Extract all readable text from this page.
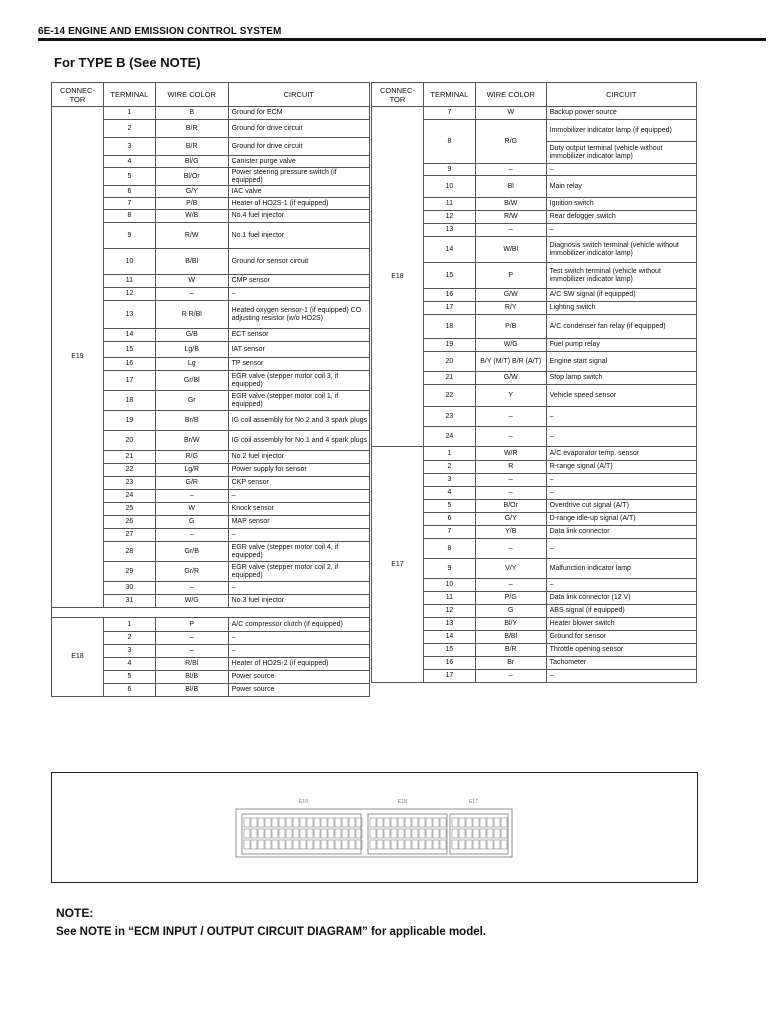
6E-14 ENGINE AND EMISSION CONTROL SYSTEM
For TYPE B (See NOTE)
CONNEC-TOR	TERMINAL	WIRE COLOR	CIRCUIT
E19	1	B	Ground for ECM
	2	B/R	Ground for drive circuit
	3	B/R	Ground for drive circuit
	4	Bl/G	Canister purge valve
	5	Bl/Or	Power steering pressure switch (if equipped)
	6	G/Y	IAC valve
	7	P/B	Heater of HO2S-1 (if equipped)
	8	W/B	No.4 fuel injector
	9	R/W	No.1 fuel injector
	10	B/Bl	Ground for sensor circuit
	11	W	CMP sensor
	12	–	–
	13	R R/Bl	Heated oxygen sensor-1 (if equipped) CO adjusting resistor (w/o HO2S)
	14	G/B	ECT sensor
	15	Lg/B	IAT sensor
	16	Lg	TP sensor
	17	Gr/Bl	EGR valve (stepper motor coil 3, if equipped)
	18	Gr	EGR valve (stepper motor coil 1, if equipped)
	19	Br/B	IG coil assembly for No.2 and 3 spark plugs
	20	Br/W	IG coil assembly for No.1 and 4 spark plugs
	21	R/G	No.2 fuel injector
	22	Lg/R	Power supply for sensor
	23	G/R	CKP sensor
	24	–	–
	25	W	Knock sensor
	26	G	MAP sensor
	27	–	–
	28	Gr/B	EGR valve (stepper motor coil 4, if equipped)
	29	Gr/R	EGR valve (stepper motor coil 2, if equipped)
	30	–	–
	31	W/G	No.3 fuel injector

E18	1	P	A/C compressor clutch (if equipped)
	2	–	–
	3	–	–
	4	R/Bl	Heater of HO2S-2 (if equipped)
	5	Bl/B	Power source
	6	Bl/B	Power source
CONNEC-TOR	TERMINAL	WIRE COLOR	CIRCUIT
E18	7	W	Backup power source
	8	R/G	Immobilizer indicator lamp (if equipped)
			Duty output terminal (vehicle without immobilizer indicator lamp)
	9	–	–
	10	Bl	Main relay
	11	B/W	Ignition switch
	12	R/W	Rear defogger switch
	13	–	–
	14	W/Bl	Diagnosis switch terminal (vehicle without immobilizer indicator lamp)
	15	P	Test switch terminal (vehicle without immobilizer indicator lamp)
	16	G/W	A/C SW signal (if equipped)
	17	R/Y	Lighting switch
	18	P/B	A/C condenser fan relay (if equipped)
	19	W/G	Fuel pump relay
	20	B/Y (M/T) B/R (A/T)	Engine start signal
	21	G/W	Stop lamp switch
	22	Y	Vehicle speed sensor
	23	–	–
	24	–	–
E17	1	W/R	A/C evaporator temp. sensor
	2	R	R-range signal (A/T)
	3	–	–
	4	–	–
	5	B/Or	Overdrive cut signal (A/T)
	6	G/Y	D-range idle-up signal (A/T)
	7	Y/B	Data link connector
	8	–	–
	9	V/Y	Malfunction indicator lamp
	10	–	–
	11	P/G	Data link connector (12 V)
	12	G	ABS signal (if equipped)
	13	Bl/Y	Heater blower switch
	14	B/Bl	Ground for sensor
	15	B/R	Throttle opening sensor
	16	Br	Tachometer
	17	–	–
E19	E18	E17
NOTE:
See NOTE in “ECM INPUT / OUTPUT CIRCUIT DIAGRAM” for applicable model.
